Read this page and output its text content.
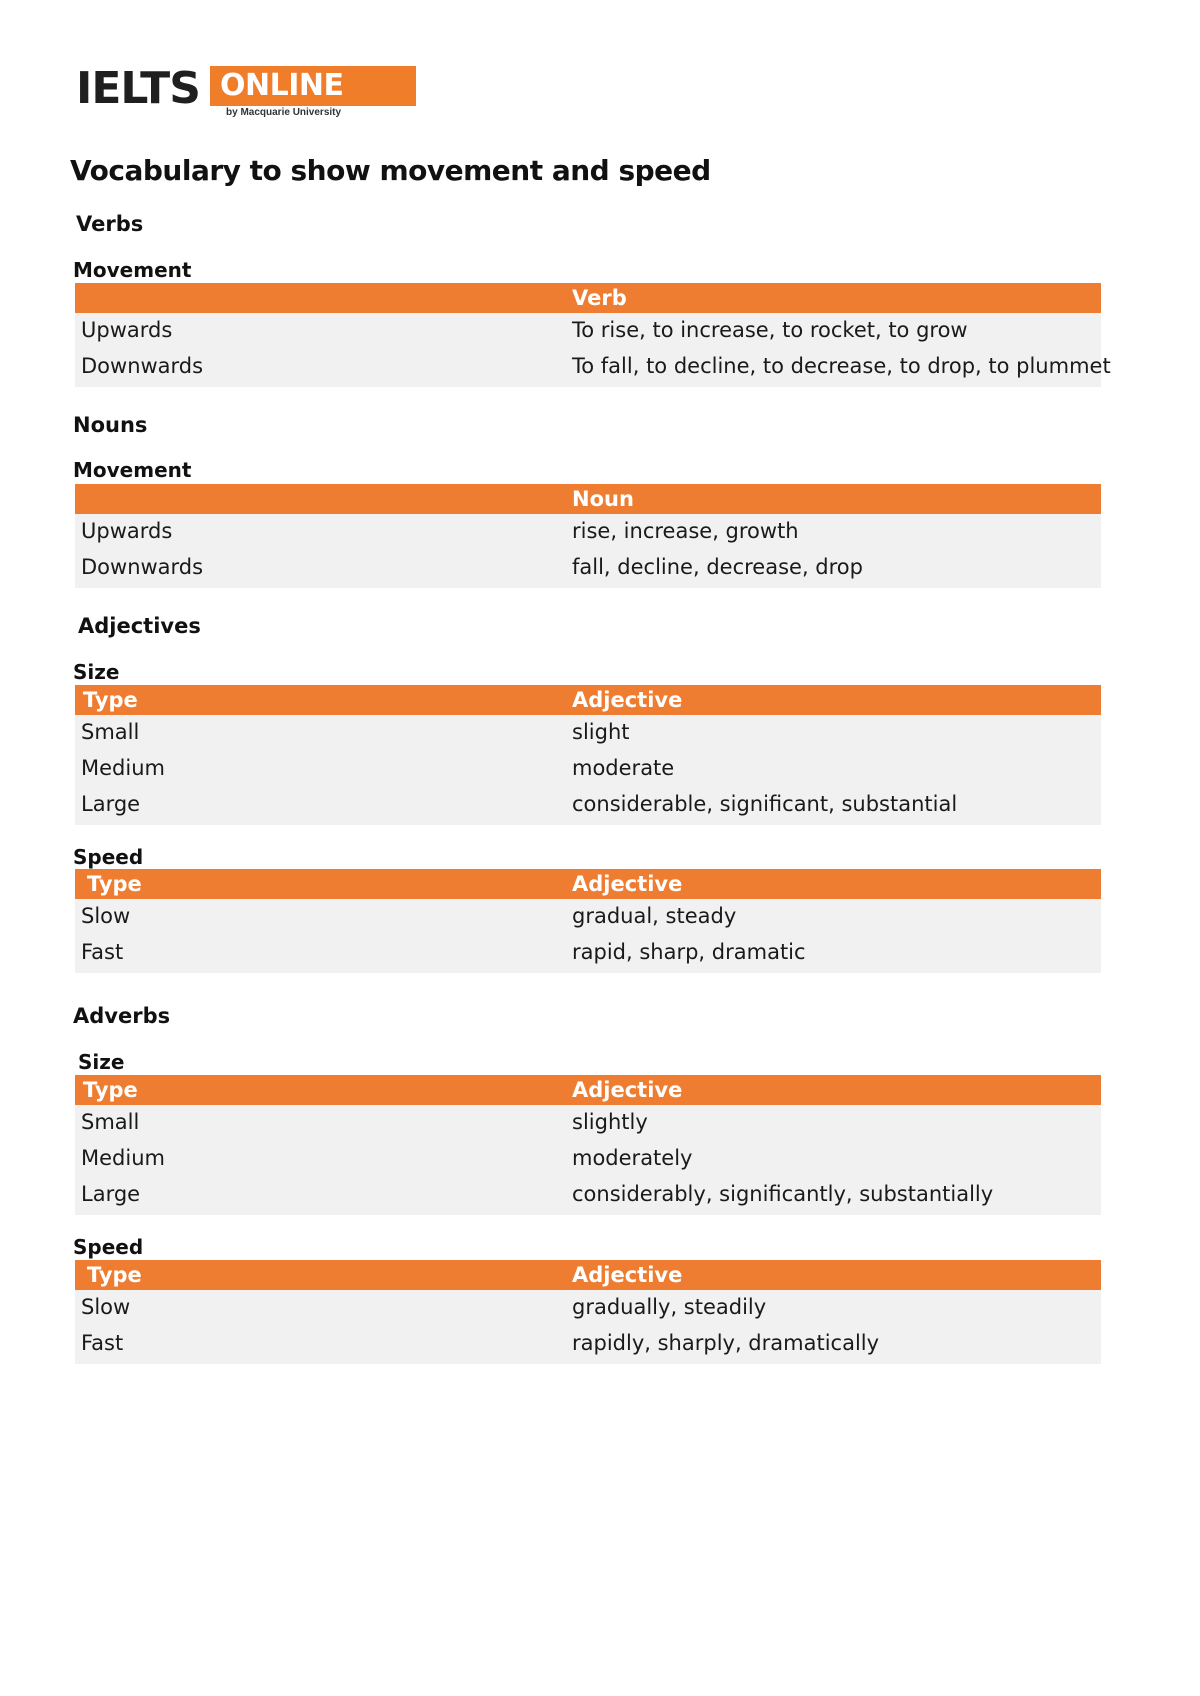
IELTS ONLINE
by Macquarie University
Vocabulary to show movement and speed
Verbs
Movement
Verb
Upwards	To rise, to increase, to rocket, to grow
Downwards	To fall, to decline, to decrease, to drop, to plummet
Nouns
Movement
Noun
Upwards	rise, increase, growth
Downwards	fall, decline, decrease, drop
Adjectives
Size
Type	Adjective
Small	slight
Medium	moderate
Large	considerable, significant, substantial
Speed
Type	Adjective
Slow	gradual, steady
Fast	rapid, sharp, dramatic
Adverbs
Size
Type	Adjective
Small	slightly
Medium	moderately
Large	considerably, significantly, substantially
Speed
Type	Adjective
Slow	gradually, steadily
Fast	rapidly, sharply, dramatically
